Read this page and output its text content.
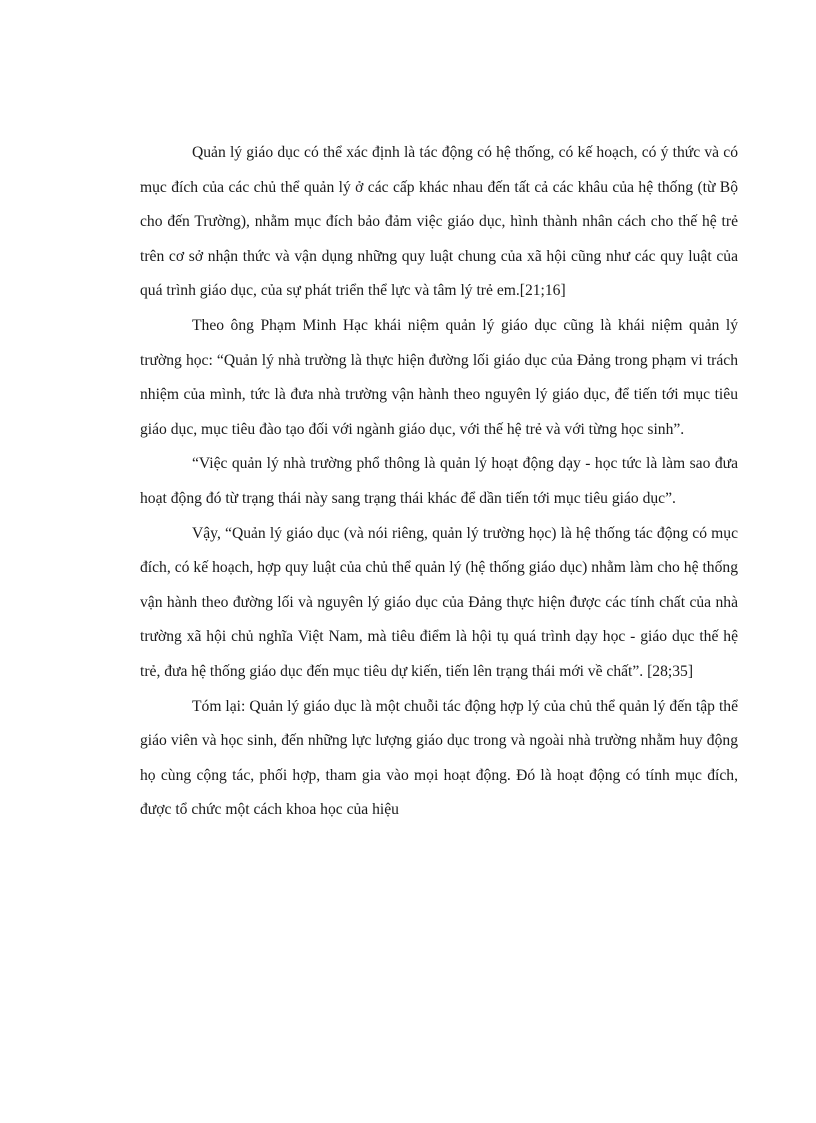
Quản lý giáo dục có thể xác định là tác động có hệ thống, có kế hoạch, có ý thức và có mục đích của các chủ thể quản lý ở các cấp khác nhau đến tất cả các khâu của hệ thống (từ Bộ cho đến Trường), nhằm mục đích bảo đảm việc giáo dục, hình thành nhân cách cho thế hệ trẻ trên cơ sở nhận thức và vận dụng những quy luật chung của xã hội cũng như các quy luật của quá trình giáo dục, của sự phát triển thể lực và tâm lý trẻ em.[21;16]

Theo ông Phạm Minh Hạc khái niệm quản lý giáo dục cũng là khái niệm quản lý trường học: “Quản lý nhà trường là thực hiện đường lối giáo dục của Đảng trong phạm vi trách nhiệm của mình, tức là đưa nhà trường vận hành theo nguyên lý giáo dục, để tiến tới mục tiêu giáo dục, mục tiêu đào tạo đối với ngành giáo dục, với thế hệ trẻ và với từng học sinh”.

“Việc quản lý nhà trường phổ thông là quản lý hoạt động dạy - học tức là làm sao đưa hoạt động đó từ trạng thái này sang trạng thái khác để dần tiến tới mục tiêu giáo dục”.

Vậy, “Quản lý giáo dục (và nói riêng, quản lý trường học) là hệ thống tác động có mục đích, có kế hoạch, hợp quy luật của chủ thể quản lý (hệ thống giáo dục) nhằm làm cho hệ thống vận hành theo đường lối và nguyên lý giáo dục của Đảng thực hiện được các tính chất của nhà trường xã hội chủ nghĩa Việt Nam, mà tiêu điểm là hội tụ quá trình dạy học - giáo dục thế hệ trẻ, đưa hệ thống giáo dục đến mục tiêu dự kiến, tiến lên trạng thái mới về chất”. [28;35]

Tóm lại: Quản lý giáo dục là một chuỗi tác động hợp lý của chủ thể quản lý đến tập thể giáo viên và học sinh, đến những lực lượng giáo dục trong và ngoài nhà trường nhằm huy động họ cùng cộng tác, phối hợp, tham gia vào mọi hoạt động. Đó là hoạt động có tính mục đích, được tổ chức một cách khoa học của hiệu
